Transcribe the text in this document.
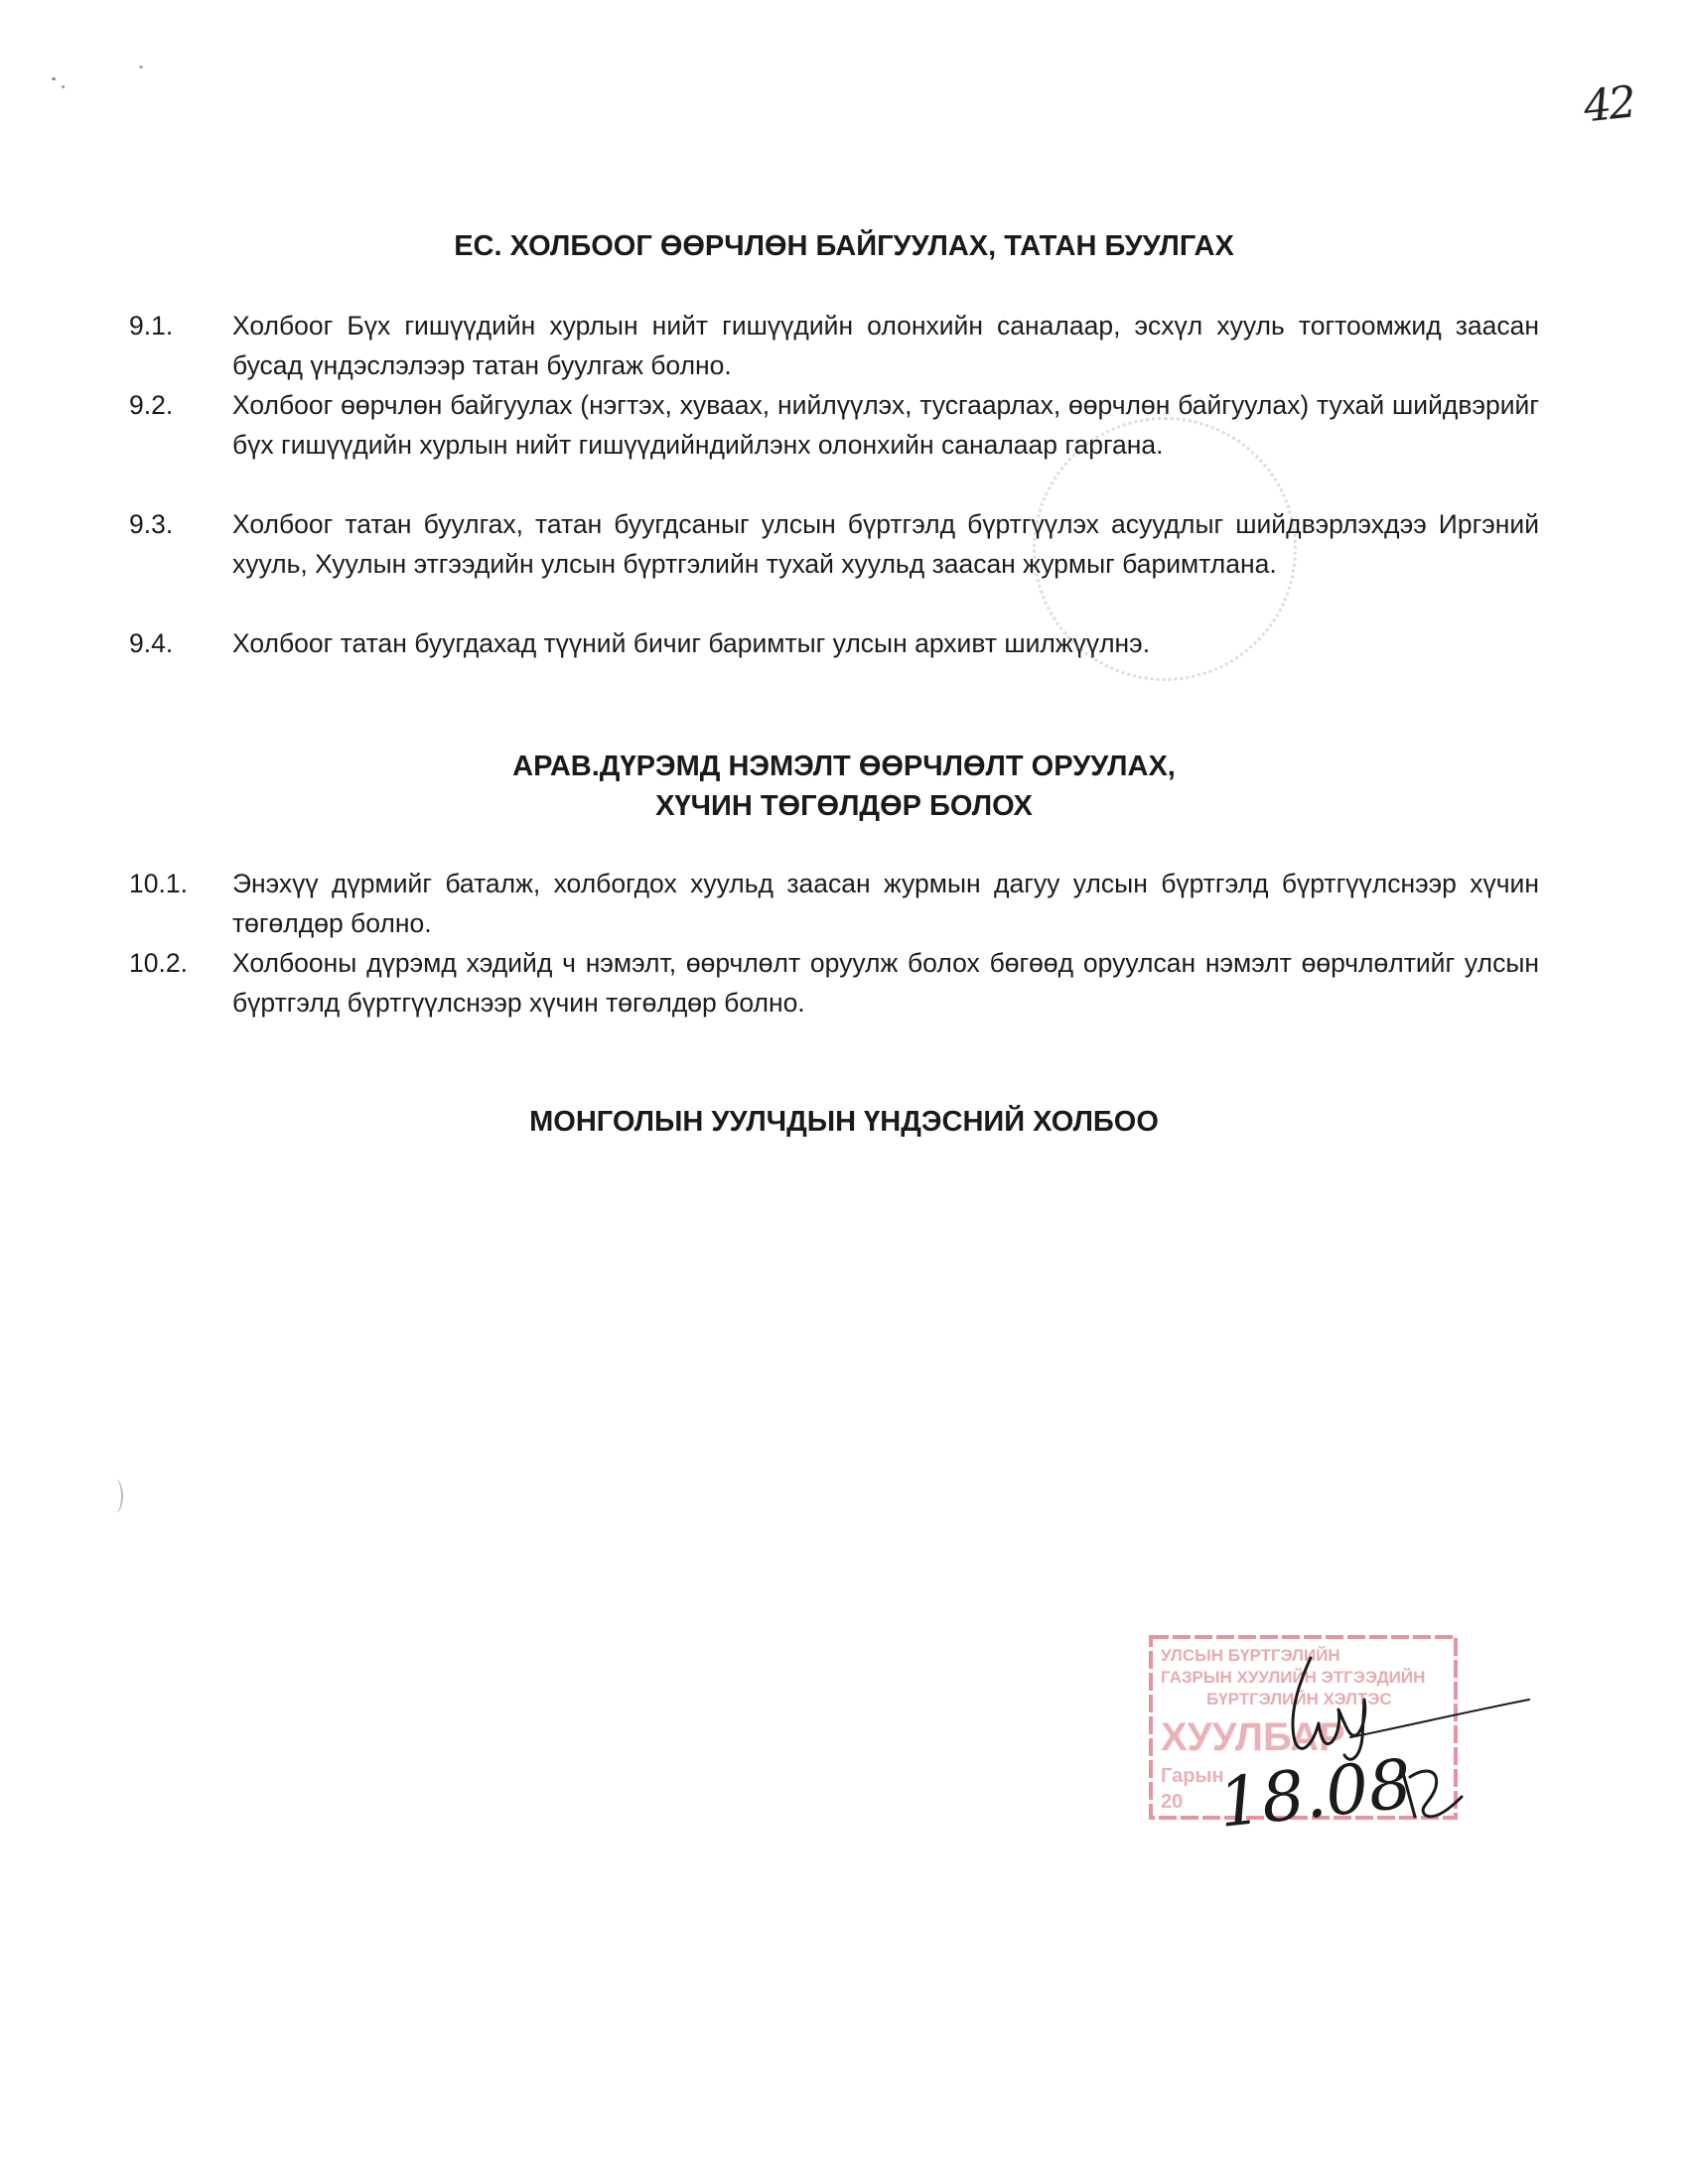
42
ЕС. ХОЛБООГ ӨӨРЧЛӨН БАЙГУУЛАХ, ТАТАН БУУЛГАХ
9.1.	Холбоог Бүх гишүүдийн хурлын нийт гишүүдийн олонхийн саналаар, эсхүл хууль тогтоомжид заасан бусад үндэслэлээр татан буулгаж болно.
9.2.	Холбоог өөрчлөн байгуулах (нэгтэх, хуваах, нийлүүлэх, тусгаарлах, өөрчлөн байгуулах) тухай шийдвэрийг бүх гишүүдийн хурлын нийт гишүүдийндийлэнх олонхийн саналаар гаргана.
9.3.	Холбоог татан буулгах, татан буугдсаныг улсын бүртгэлд бүртгүүлэх асуудлыг шийдвэрлэхдээ Иргэний хууль, Хуулын этгээдийн улсын бүртгэлийн тухай хуульд заасан журмыг баримтлана.
9.4.	Холбоог татан буугдахад түүний бичиг баримтыг улсын архивт шилжүүлнэ.
АРАВ.ДҮРЭМД НЭМЭЛТ ӨӨРЧЛӨЛТ ОРУУЛАХ,
ХҮЧИН ТӨГӨЛДӨР БОЛОХ
10.1.	Энэхүү дүрмийг баталж, холбогдох хуульд заасан журмын дагуу улсын бүртгэлд бүртгүүлснээр хүчин төгөлдөр болно.
10.2.	Холбооны дүрэмд хэдийд ч нэмэлт, өөрчлөлт оруулж болох бөгөөд оруулсан нэмэлт өөрчлөлтийг улсын бүртгэлд бүртгүүлснээр хүчин төгөлдөр болно.
МОНГОЛЫН УУЛЧДЫН ҮНДЭСНИЙ ХОЛБОО
УЛСЫН БҮРТГЭЛИЙН
ГАЗРЫН ХУУЛИЙН ЭТГЭЭДИЙН
БҮРТГЭЛИЙН ХЭЛТЭС
ХУУЛБАР
Гарын
20 18.08
